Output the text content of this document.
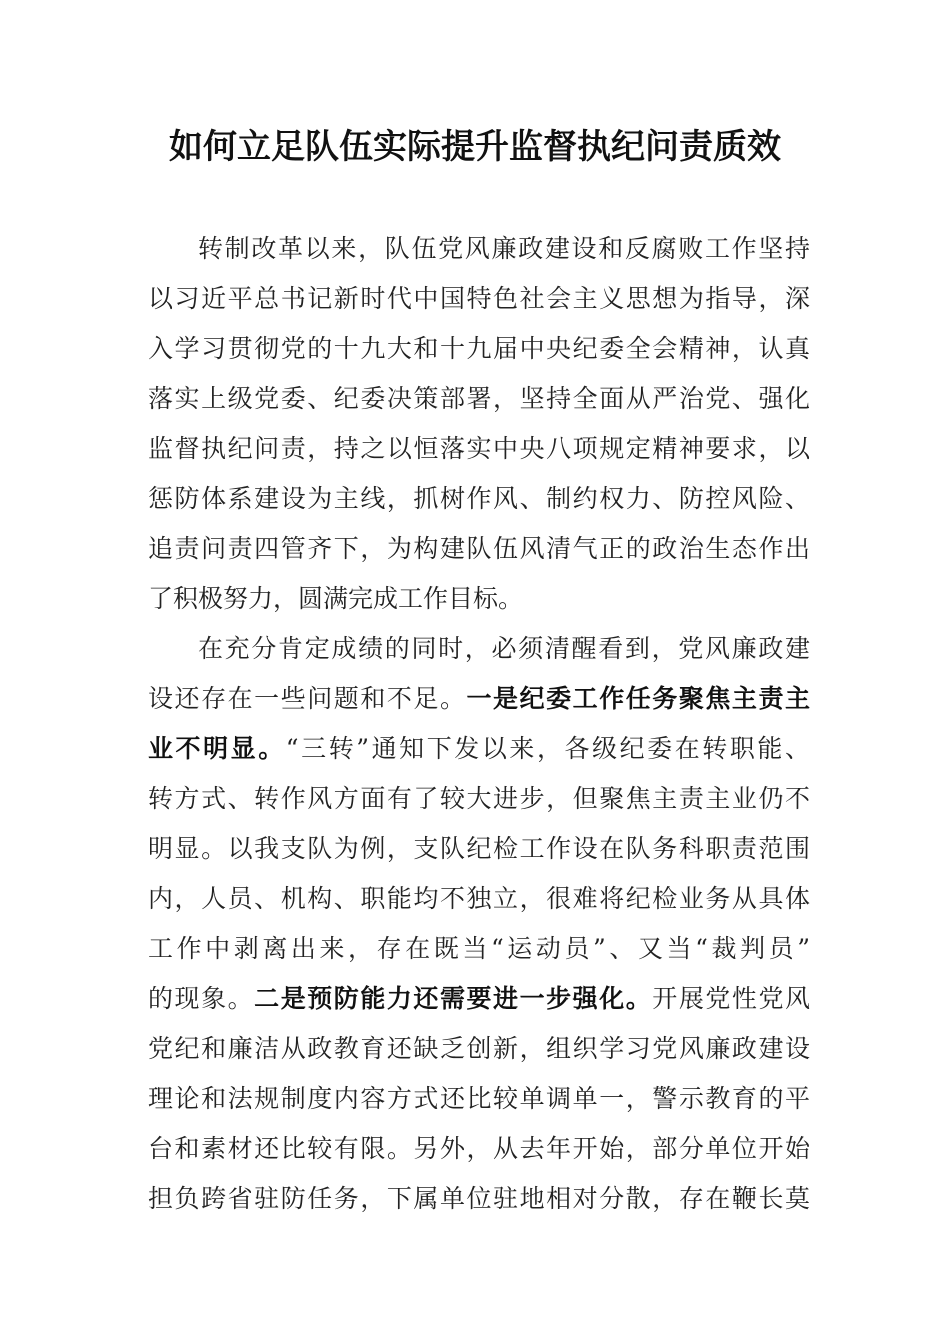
如何立足队伍实际提升监督执纪问责质效
转制改革以来，队伍党风廉政建设和反腐败工作坚持
以习近平总书记新时代中国特色社会主义思想为指导，深
入学习贯彻党的十九大和十九届中央纪委全会精神，认真
落实上级党委、纪委决策部署，坚持全面从严治党、强化
监督执纪问责，持之以恒落实中央八项规定精神要求，以
惩防体系建设为主线，抓树作风、制约权力、防控风险、
追责问责四管齐下，为构建队伍风清气正的政治生态作出
了积极努力，圆满完成工作目标。
在充分肯定成绩的同时，必须清醒看到，党风廉政建
设还存在一些问题和不足。一是纪委工作任务聚焦主责主
业不明显。“三转”通知下发以来，各级纪委在转职能、
转方式、转作风方面有了较大进步，但聚焦主责主业仍不
明显。以我支队为例，支队纪检工作设在队务科职责范围
内，人员、机构、职能均不独立，很难将纪检业务从具体
工作中剥离出来，存在既当“运动员”、又当“裁判员”
的现象。二是预防能力还需要进一步强化。开展党性党风
党纪和廉洁从政教育还缺乏创新，组织学习党风廉政建设
理论和法规制度内容方式还比较单调单一，警示教育的平
台和素材还比较有限。另外，从去年开始，部分单位开始
担负跨省驻防任务，下属单位驻地相对分散，存在鞭长莫
